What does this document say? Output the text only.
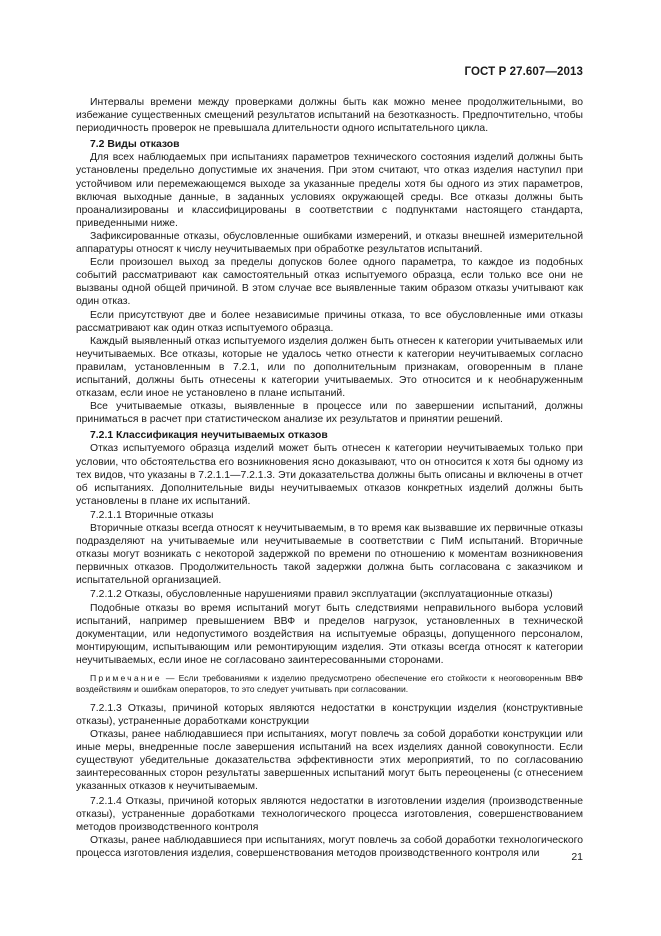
ГОСТ Р 27.607—2013

Интервалы времени между проверками должны быть как можно менее продолжительными, во избежание существенных смещений результатов испытаний на безотказность. Предпочтительно, чтобы периодичность проверок не превышала длительности одного испытательного цикла.

7.2 Виды отказов

Для всех наблюдаемых при испытаниях параметров технического состояния изделий должны быть установлены предельно допустимые их значения. При этом считают, что отказ изделия наступил при устойчивом или перемежающемся выходе за указанные пределы хотя бы одного из этих параметров, включая выходные данные, в заданных условиях окружающей среды. Все отказы должны быть проанализированы и классифицированы в соответствии с подпунктами настоящего стандарта, приведенными ниже.

Зафиксированные отказы, обусловленные ошибками измерений, и отказы внешней измерительной аппаратуры относят к числу неучитываемых при обработке результатов испытаний.

Если произошел выход за пределы допусков более одного параметра, то каждое из подобных событий рассматривают как самостоятельный отказ испытуемого образца, если только все они не вызваны одной общей причиной. В этом случае все выявленные таким образом отказы учитывают как один отказ.

Если присутствуют две и более независимые причины отказа, то все обусловленные ими отказы рассматривают как один отказ испытуемого образца.

Каждый выявленный отказ испытуемого изделия должен быть отнесен к категории учитываемых или неучитываемых. Все отказы, которые не удалось четко отнести к категории неучитываемых согласно правилам, установленным в 7.2.1, или по дополнительным признакам, оговоренным в плане испытаний, должны быть отнесены к категории учитываемых. Это относится и к необнаруженным отказам, если иное не установлено в плане испытаний.

Все учитываемые отказы, выявленные в процессе или по завершении испытаний, должны приниматься в расчет при статистическом анализе их результатов и принятии решений.

7.2.1 Классификация неучитываемых отказов

Отказ испытуемого образца изделий может быть отнесен к категории неучитываемых только при условии, что обстоятельства его возникновения ясно доказывают, что он относится к хотя бы одному из тех видов, что указаны в 7.2.1.1—7.2.1.3. Эти доказательства должны быть описаны и включены в отчет об испытаниях. Дополнительные виды неучитываемых отказов конкретных изделий должны быть установлены в плане их испытаний.

7.2.1.1 Вторичные отказы

Вторичные отказы всегда относят к неучитываемым, в то время как вызвавшие их первичные отказы подразделяют на учитываемые или неучитываемые в соответствии с ПиМ испытаний. Вторичные отказы могут возникать с некоторой задержкой по времени по отношению к моментам возникновения первичных отказов. Продолжительность такой задержки должна быть согласована с заказчиком и испытательной организацией.

7.2.1.2 Отказы, обусловленные нарушениями правил эксплуатации (эксплуатационные отказы)

Подобные отказы во время испытаний могут быть следствиями неправильного выбора условий испытаний, например превышением ВВФ и пределов нагрузок, установленных в технической документации, или недопустимого воздействия на испытуемые образцы, допущенного персоналом, монтирующим, испытывающим или ремонтирующим изделия. Эти отказы всегда относят к категории неучитываемых, если иное не согласовано заинтересованными сторонами.

Примечание — Если требованиями к изделию предусмотрено обеспечение его стойкости к неоговоренным ВВФ воздействиям и ошибкам операторов, то это следует учитывать при согласовании.

7.2.1.3 Отказы, причиной которых являются недостатки в конструкции изделия (конструктивные отказы), устраненные доработками конструкции

Отказы, ранее наблюдавшиеся при испытаниях, могут повлечь за собой доработки конструкции или иные меры, внедренные после завершения испытаний на всех изделиях данной совокупности. Если существуют убедительные доказательства эффективности этих мероприятий, то по согласованию заинтересованных сторон результаты завершенных испытаний могут быть переоценены (с отнесением указанных отказов к неучитываемым.

7.2.1.4 Отказы, причиной которых являются недостатки в изготовлении изделия (производственные отказы), устраненные доработками технологического процесса изготовления, совершенствованием методов производственного контроля

Отказы, ранее наблюдавшиеся при испытаниях, могут повлечь за собой доработки технологического процесса изготовления изделия, совершенствования методов производственного контроля или	21
